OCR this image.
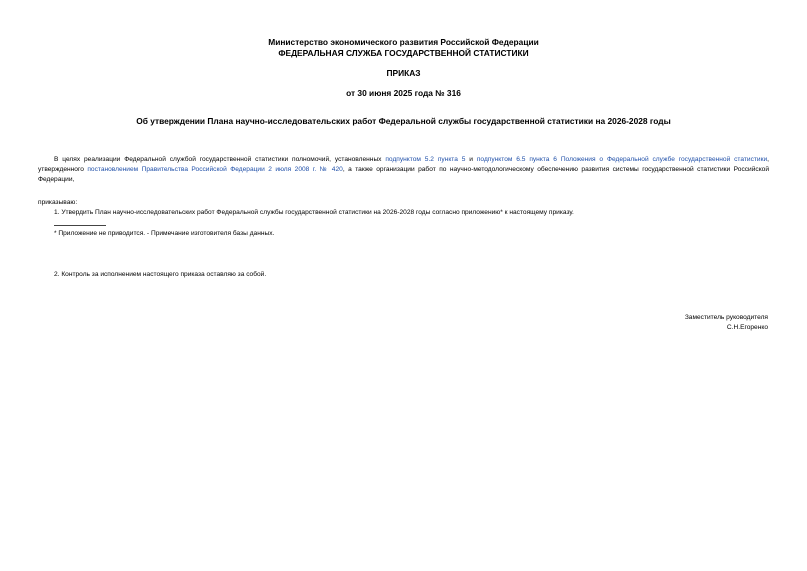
Министерство экономического развития Российской Федерации
ФЕДЕРАЛЬНАЯ СЛУЖБА ГОСУДАРСТВЕННОЙ СТАТИСТИКИ
ПРИКАЗ
от 30 июня 2025 года № 316
Об утверждении Плана научно-исследовательских работ Федеральной службы государственной статистики на 2026-2028 годы
В целях реализации Федеральной службой государственной статистики полномочий, установленных подпунктом 5.2 пункта 5 и подпунктом 6.5 пункта 6 Положения о Федеральной службе государственной статистики, утвержденного постановлением Правительства Российской Федерации 2 июля 2008 г. № 420, а также организации работ по научно-методологическому обеспечению развития системы государственной статистики Российской Федерации,
приказываю:
1. Утвердить План научно-исследовательских работ Федеральной службы государственной статистики на 2026-2028 годы согласно приложению* к настоящему приказу.
* Приложение не приводится. - Примечание изготовителя базы данных.
2. Контроль за исполнением настоящего приказа оставляю за собой.
Заместитель руководителя
С.Н.Егоренко
